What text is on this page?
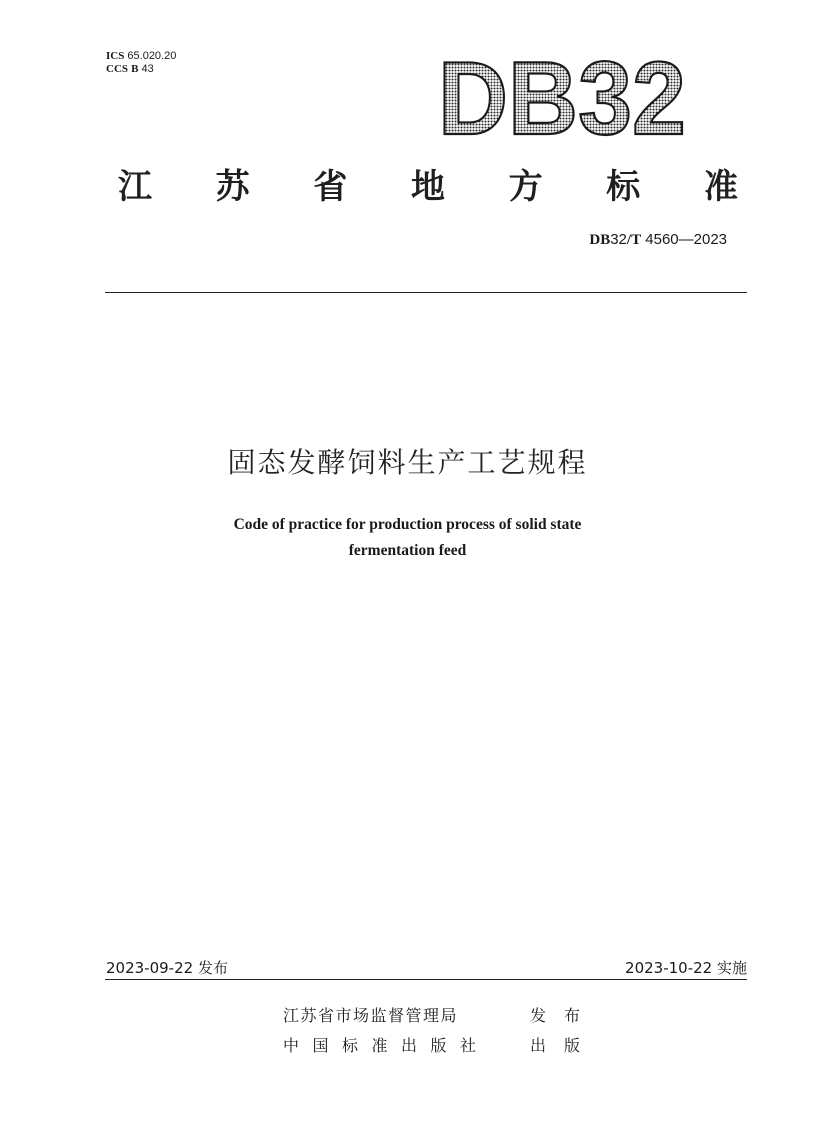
ICS 65.020.20
CCS B 43	DB32
江 苏 省 地 方 标 准
DB32/T 4560—2023
固态发酵饲料生产工艺规程
Code of practice for production process of solid state
fermentation feed
2023-09-22 发布	2023-10-22 实施
江苏省市场监督管理局	发布
中国标准出版社	出版
